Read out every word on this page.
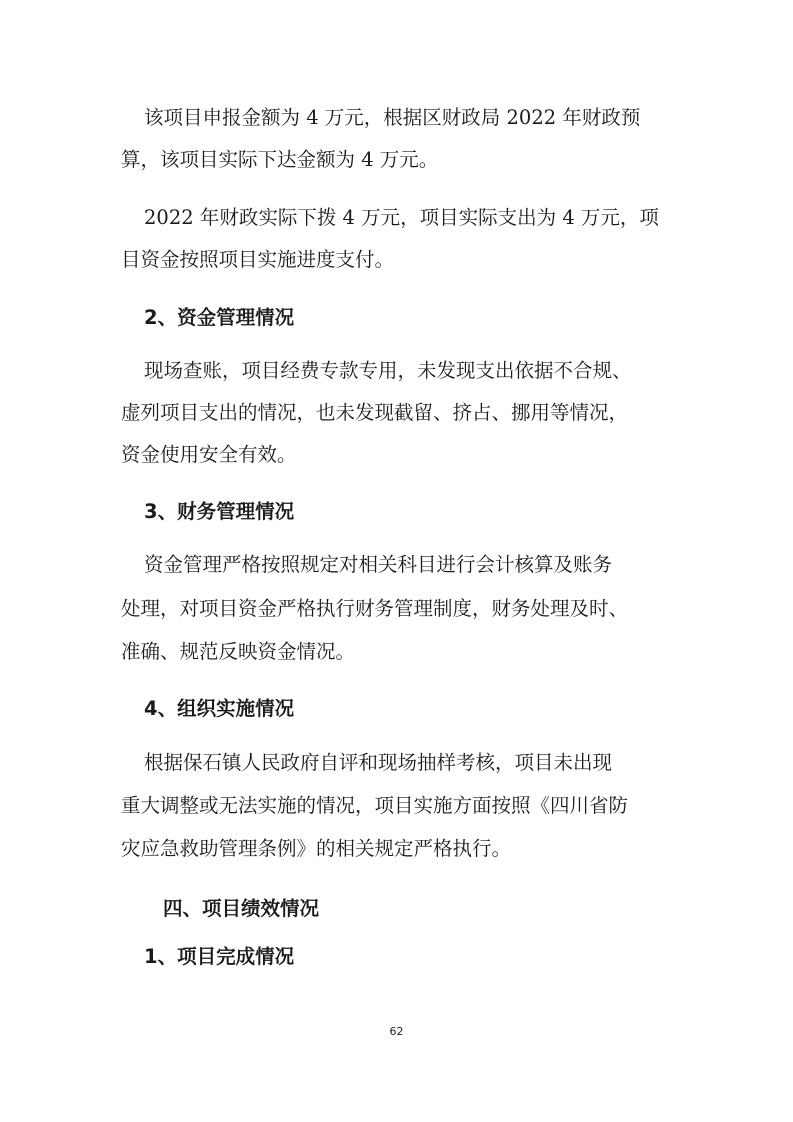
该项目申报金额为 4 万元，根据区财政局 2022 年财政预
算，该项目实际下达金额为 4 万元。
2022 年财政实际下拨 4 万元，项目实际支出为 4 万元，项
目资金按照项目实施进度支付。
2、资金管理情况
现场查账，项目经费专款专用，未发现支出依据不合规、
虚列项目支出的情况，也未发现截留、挤占、挪用等情况，
资金使用安全有效。
3、财务管理情况
资金管理严格按照规定对相关科目进行会计核算及账务
处理，对项目资金严格执行财务管理制度，财务处理及时、
准确、规范反映资金情况。
4、组织实施情况
根据保石镇人民政府自评和现场抽样考核，项目未出现
重大调整或无法实施的情况，项目实施方面按照《四川省防
灾应急救助管理条例》的相关规定严格执行。
四、项目绩效情况
1、项目完成情况
62
